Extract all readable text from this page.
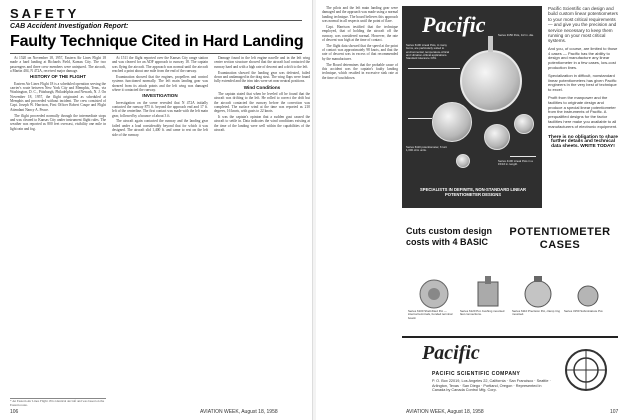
SAFETY
CAB Accident Investigation Report:
Faulty Technique Cited in Hard Landing

At 1520 on November 18, 1957, Eastern Air Lines Flight 18 made a hard landing at Richards Field, Kansas City. The two passengers and three crew members were uninjured. The aircraft, a Martin 404, N 472A, received major damage.

HISTORY OF THE FLIGHT

Eastern Air Lines Flight 18 is a scheduled operation serving the carrier's route between New York City and Memphis, Tenn., via Washington, D. C., Pittsburgh, Philadelphia and Newark, N. J. On November 18, 1957, the flight originated as scheduled at Memphis and proceeded without incident. The crew consisted of Capt. Joseph W. Harrison, First Officer Robert Coupe and Flight Attendant Nancy A. Peace.

The flight proceeded normally through the intermediate stops and was cleared to Kansas City under instrument flight rules. The weather was reported as 800 feet overcast, visibility one mile in light rain and fog.

At 1511 the flight reported over the Kansas City range station and was cleared for an ADF approach to runway 18. The captain was flying the aircraft. The approach was normal until the aircraft reached a point about one mile from the end of the runway.

Examination showed that the engines, propellers and control systems functioned normally. The left main landing gear was sheared from its attach points and the left wing was damaged where it contacted the runway.

INVESTIGATION

Investigation on the scene revealed that N 472A initially contacted the runway 875 ft. beyond the approach end and 17 ft. left of the centerline. The first contact was made with the left main gear, followed by a bounce of about 3 ft.

The aircraft again contacted the runway and the landing gear failed under a load considerably beyond that for which it was designed. The aircraft slid 1,400 ft. and came to rest on the left side of the runway.

Damage found in the left engine nacelle and in the left wing center section structure showed that the aircraft had contacted the runway hard and with a high rate of descent and a drift to the left.

Examination showed the landing gear was defeated, failed down and undamaged in the drag strut. The wing flaps were found fully extended and the trim tabs were set near neutral positions.

Wind Conditions

The captain stated that when he leveled off he found that the aircraft was drifting to the left. He rolled to correct the drift but the aircraft contacted the runway before the correction was completed. The surface wind at the time was reported as 210 degrees, 16 knots, with gusts to 22 knots.

It was the captain's opinion that a sudden gust caused the aircraft to settle in. Data indicates the wind conditions existing at the time of the landing were well within the capabilities of the aircraft.

* An Eastern Air Lines Flight 18 is identical aircraft and was based on the Eastern route.
106	AVIATION WEEK, August 18, 1958

The pilots and the left main landing gear were damaged and the approach was made using a normal landing technique. The board believes this approach was normal in all respects until the point of flare.

Capt. Harrison testified that the technique employed, that of holding the aircraft off the runway, was considered normal. However, the rate of descent was high at the time of contact.

The flight data showed that the speed at the point of contact was approximately 98 knots, and that the rate of descent was in excess of that recommended by the manufacturer.

The Board determines that the probable cause of this accident was the captain's faulty landing technique, which resulted in excessive sink rate at the time of touchdown.

Pacific
Series 6100 Lineal Pots, in many forms, are particularly suited to environmental, temperature-critical and vibration-critical applications. Standard tolerance ±3%.
Series 6110 potentiometer, 6 turn 1,000 ohm units.
Series 4100 Lineal Pots in a 15/16 in. length.
Series 3150 Pots, 1/2 in. dia.
SPECIALISTS IN DEFINITE, NON-STANDARD LINEAR POTENTIOMETER DESIGNS

Pacific Scientific can design and build custom linear potentiometers to your most critical requirements — and give you the precision and service necessary to keep them running on your most critical systems.

And you, of course, are limited to those 4 cases — Pacific has the ability to design and manufacture any linear potentiometer in a few cases, low-cost production lines.

Specialization in difficult, nonstandard linear potentiometers has given Pacific engineers in the very best of technique to excel.

Profit from the manpower and the facilities to originate design and produce a special linear potentiometer from the instruments of Pacific. A prequalified designs for the factor facilities here make you available to all manufacturers of electronic equipment.

There is no obligation to share further details and technical data sheets. WRITE TODAY!

Cuts custom design
costs with 4 BASIC
POTENTIOMETER
CASES
Series 6100 Shell-fitted Pot — internal terminals, bonded terminal board.
Series 6120 Pot. bushing mounted fast connections.
Series 6110 Precision Pot, clamp ring mounted.
Series 3150 Subminiature Pot.
Pacific
PACIFIC SCIENTIFIC COMPANY
P. O. Box 22019, Los Angeles 22, California · San Francisco · Seattle · Arlington, Texas · San Diego · Portland, Oregon · Represented in Canada by Canada Control Mfg. Corp.
AVIATION WEEK, August 18, 1958	107
